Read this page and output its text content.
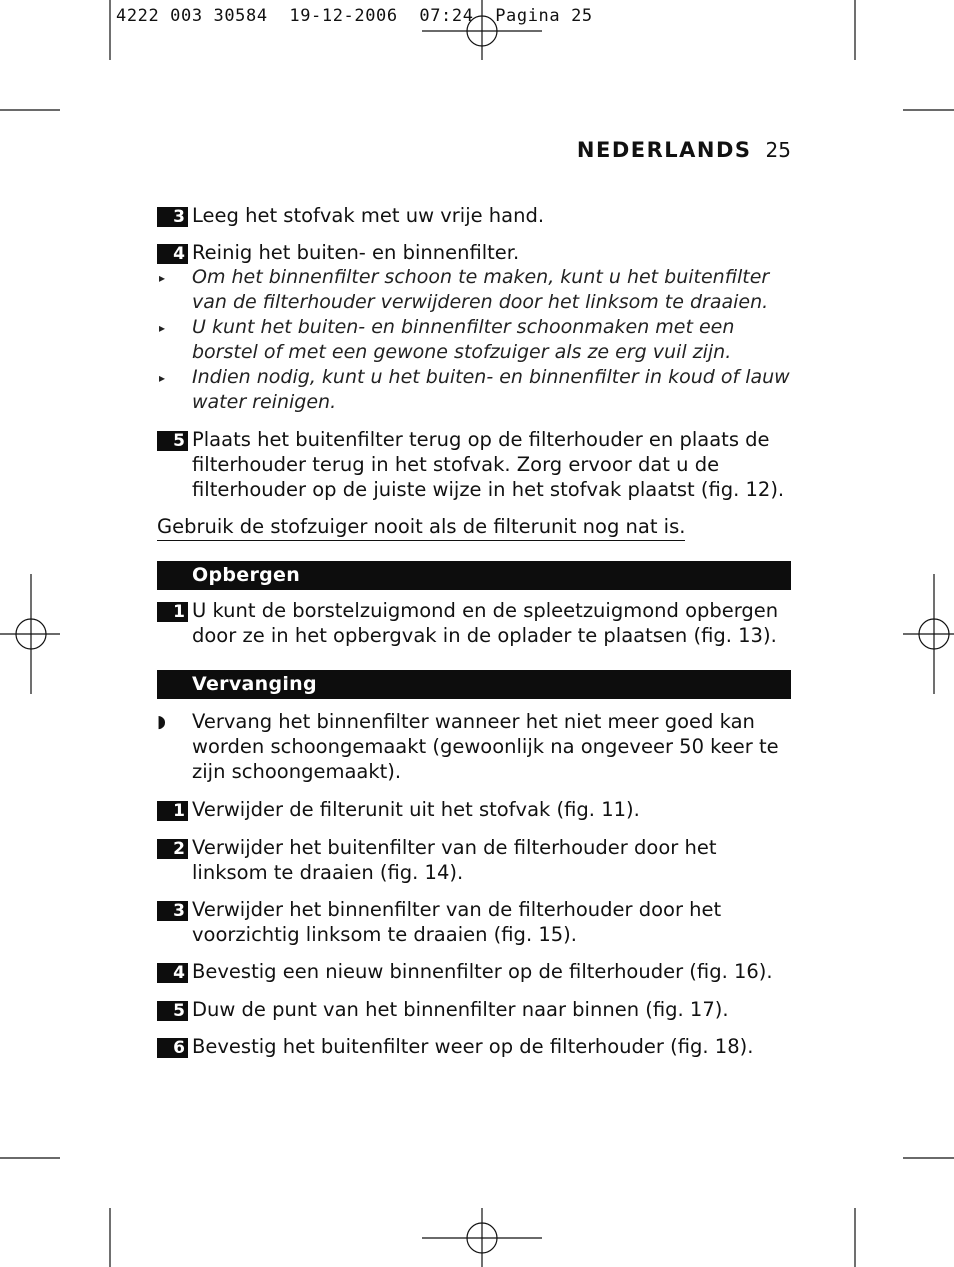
4222 003 30584  19-12-2006  07:24  Pagina 25
NEDERLANDS 25
3 Leeg het stofvak met uw vrije hand.
4 Reinig het buiten- en binnenfilter.
▸ Om het binnenfilter schoon te maken, kunt u het buitenfilter van de filterhouder verwijderen door het linksom te draaien.
▸ U kunt het buiten- en binnenfilter schoonmaken met een borstel of met een gewone stofzuiger als ze erg vuil zijn.
▸ Indien nodig, kunt u het buiten- en binnenfilter in koud of lauw water reinigen.
5 Plaats het buitenfilter terug op de filterhouder en plaats de filterhouder terug in het stofvak. Zorg ervoor dat u de filterhouder op de juiste wijze in het stofvak plaatst (fig. 12).
Gebruik de stofzuiger nooit als de filterunit nog nat is.
Opbergen
1 U kunt de borstelzuigmond en de spleetzuigmond opbergen door ze in het opbergvak in de oplader te plaatsen (fig. 13).
Vervanging
◗ Vervang het binnenfilter wanneer het niet meer goed kan worden schoongemaakt (gewoonlijk na ongeveer 50 keer te zijn schoongemaakt).
1 Verwijder de filterunit uit het stofvak (fig. 11).
2 Verwijder het buitenfilter van de filterhouder door het linksom te draaien (fig. 14).
3 Verwijder het binnenfilter van de filterhouder door het voorzichtig linksom te draaien (fig. 15).
4 Bevestig een nieuw binnenfilter op de filterhouder (fig. 16).
5 Duw de punt van het binnenfilter naar binnen (fig. 17).
6 Bevestig het buitenfilter weer op de filterhouder (fig. 18).
